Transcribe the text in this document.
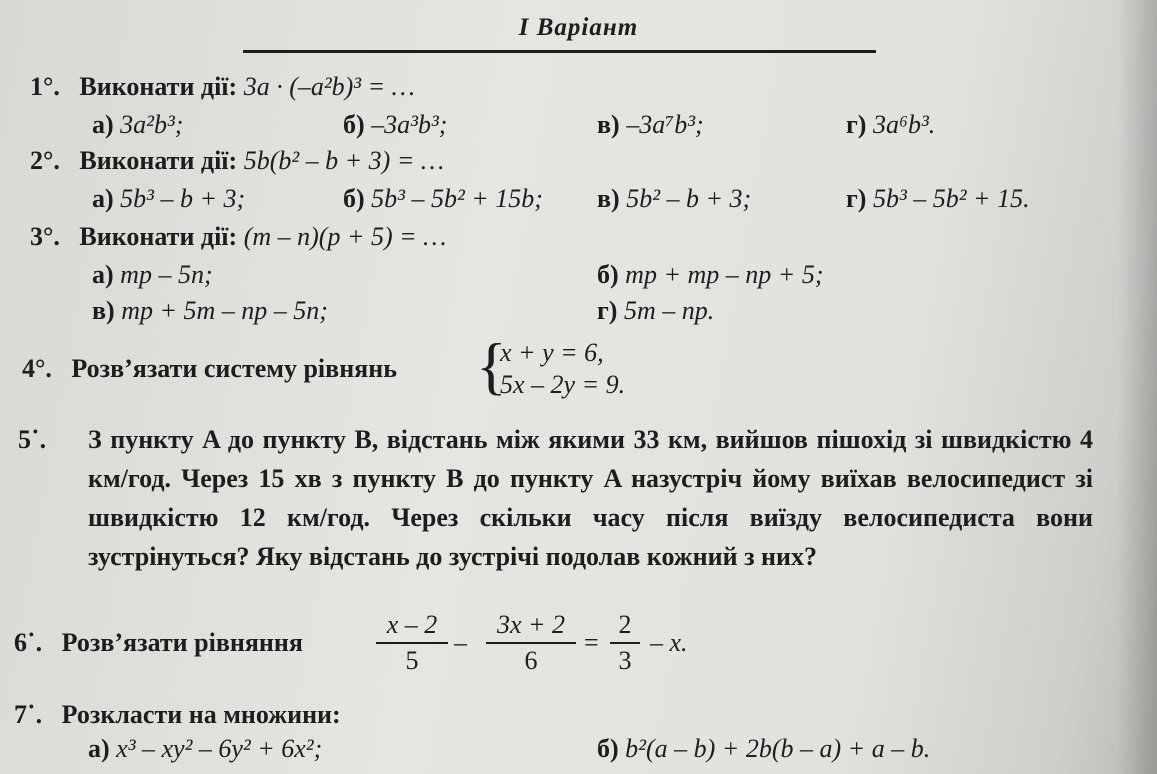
I Варіант
1°. Виконати дії: 3a · (–a²b)³ = …
а) 3a²b³;	б) –3a³b³;	в) –3a⁷b³;	г) 3a⁶b³.
2°. Виконати дії: 5b(b² – b + 3) = …
а) 5b³ – b + 3;	б) 5b³ – 5b² + 15b; в) 5b² – b + 3;	г) 5b³ – 5b² + 15.
3°. Виконати дії: (m – n)(p + 5) = …
а) mp – 5n;	б) mp + mp – np + 5;
в) mp + 5m – np – 5n;	г) 5m – np.
4°. Розв’язати систему рівнянь {
x + y = 6,
5x – 2y = 9.
5˙. З пункту A до пункту B, відстань між якими 33 км, вийшов пішохід зі швидкістю 4 км/год. Через 15 хв з пункту B до пункту A назустріч йому виїхав велосипедист зі швидкістю 12 км/год. Через скільки часу після виїзду велосипедиста вони зустрінуться? Яку відстань до зустрічі подолав кожний з них?
6˙. Розв’язати рівняння
x – 2
5
–
3x + 2
6
=
2
3
– x.
7˙. Розкласти на множини:
а) x³ – xy² – 6y² + 6x²;	б) b²(a – b) + 2b(b – a) + a – b.
